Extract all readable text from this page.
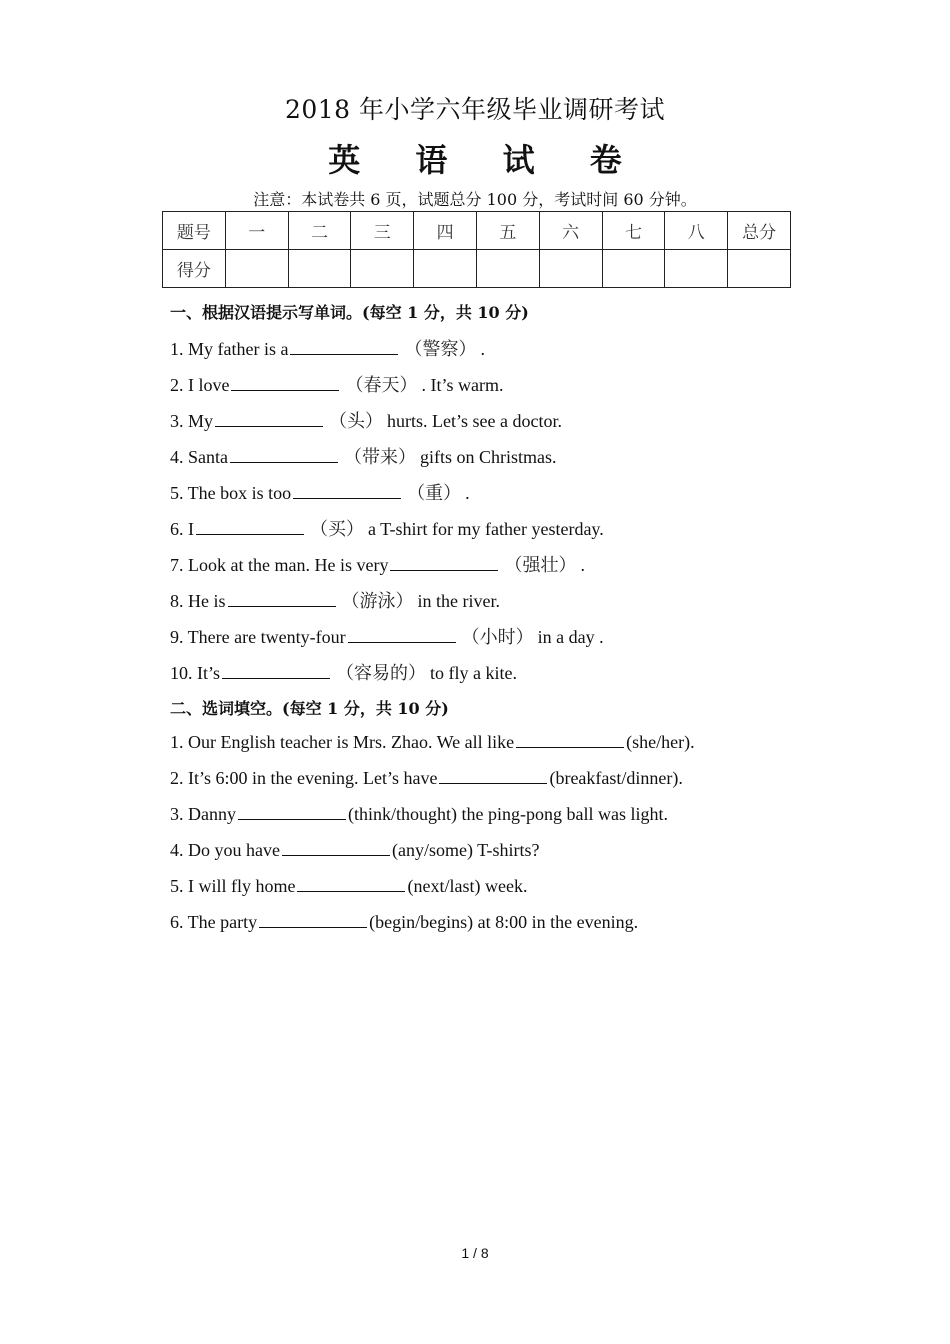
2018 年小学六年级毕业调研考试
英 语 试 卷
注意：本试卷共 6 页，试题总分 100 分，考试时间 60 分钟。
题号	一	二	三	四	五	六	七	八	总分
得分									
一、根据汉语提示写单词。(每空 1 分，共 10 分)
1. My father is a	（警察） .
2. I love	（春天） . It’s warm.
3. My	（头） hurts. Let’s see a doctor.
4. Santa	（带来） gifts on Christmas.
5. The box is too	（重） .
6. I	（买） a T-shirt for my father yesterday.
7. Look at the man. He is very	（强壮） .
8. He is	（游泳） in the river.
9. There are twenty-four	（小时） in a day .
10. It’s	（容易的） to fly a kite.
二、选词填空。(每空 1 分，共 10 分)
1. Our English teacher is Mrs. Zhao. We all like	(she/her).
2. It’s 6:00 in the evening. Let’s have	(breakfast/dinner).
3. Danny	(think/thought) the ping-pong ball was light.
4. Do you have	(any/some) T-shirts?
5. I will fly home	(next/last) week.
6. The party	(begin/begins) at 8:00 in the evening.
1 / 8
